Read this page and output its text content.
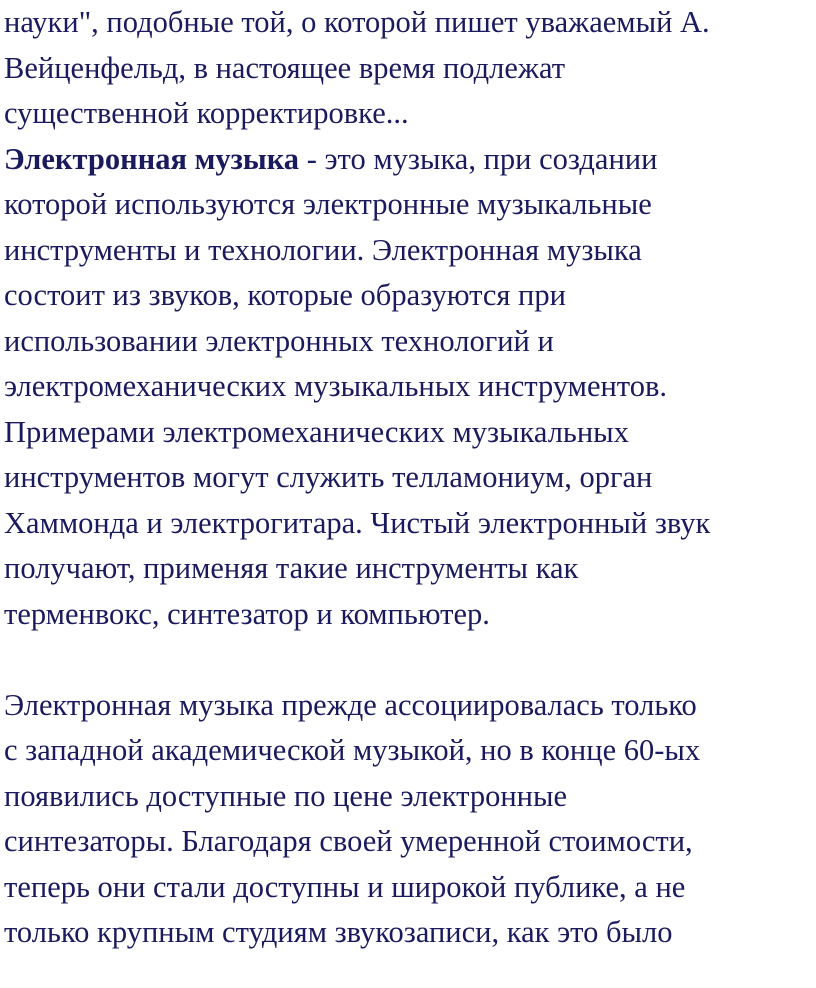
науки", подобные той, о которой пишет уважаемый А.
Вейценфельд, в настоящее время подлежат
существенной корректировке...
Электронная музыка - это музыка, при создании
которой используются электронные музыкальные
инструменты и технологии. Электронная музыка
состоит из звуков, которые образуются при
использовании электронных технологий и
электромеханических музыкальных инструментов.
Примерами электромеханических музыкальных
инструментов могут служить телламониум, орган
Хаммонда и электрогитара. Чистый электронный звук
получают, применяя такие инструменты как
терменвокс, синтезатор и компьютер.
Электронная музыка прежде ассоциировалась только
с западной академической музыкой, но в конце 60-ых
появились доступные по цене электронные
синтезаторы. Благодаря своей умеренной стоимости,
теперь они стали доступны и широкой публике, а не
только крупным студиям звукозаписи, как это было
